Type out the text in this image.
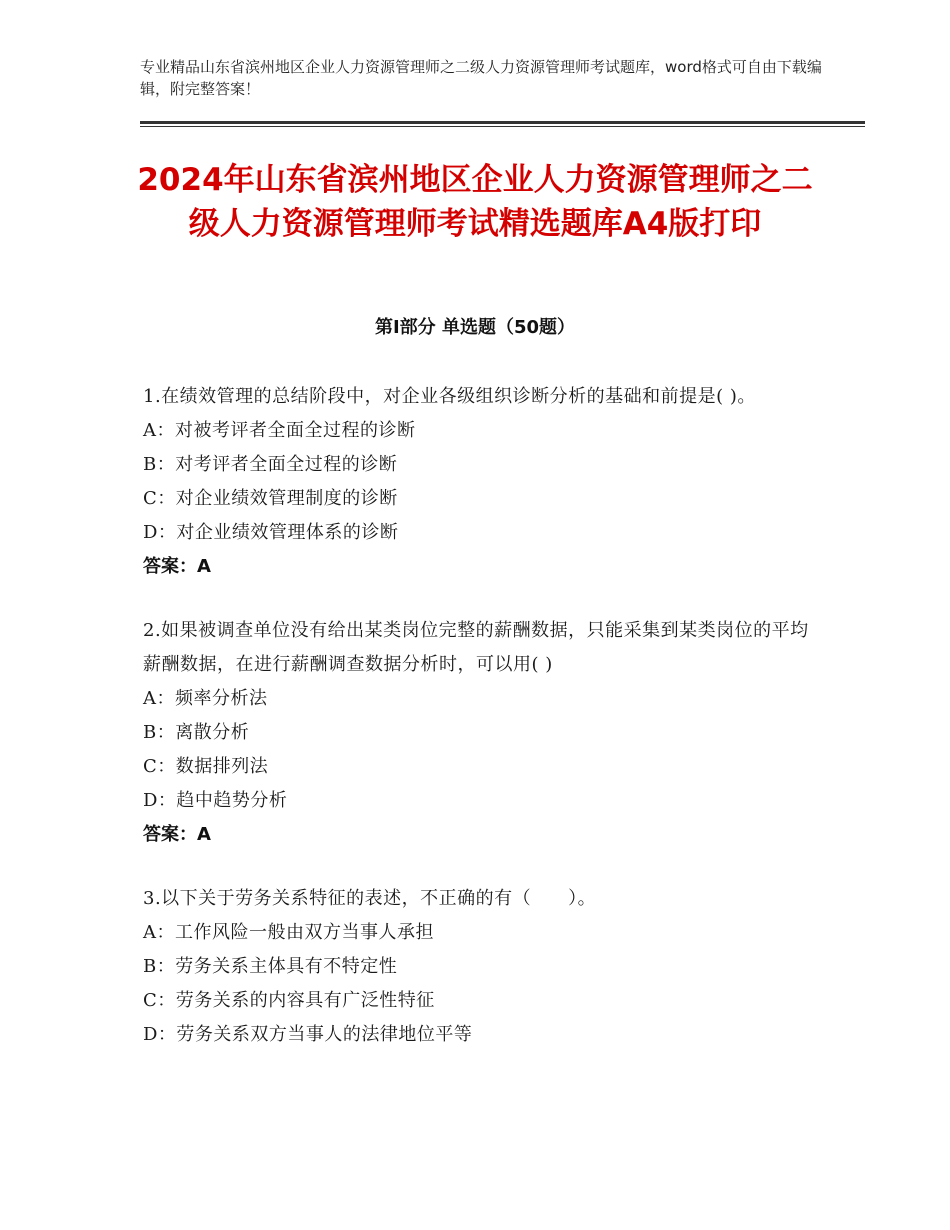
专业精品山东省滨州地区企业人力资源管理师之二级人力资源管理师考试题库，word格式可自由下载编辑，附完整答案！
2024年山东省滨州地区企业人力资源管理师之二级人力资源管理师考试精选题库A4版打印
第Ⅰ部分 单选题（50题）
1.在绩效管理的总结阶段中，对企业各级组织诊断分析的基础和前提是( )。
A：对被考评者全面全过程的诊断
B：对考评者全面全过程的诊断
C：对企业绩效管理制度的诊断
D：对企业绩效管理体系的诊断
答案：A
2.如果被调查单位没有给出某类岗位完整的薪酬数据，只能采集到某类岗位的平均薪酬数据，在进行薪酬调查数据分析时，可以用( )
A：频率分析法
B：离散分析
C：数据排列法
D：趋中趋势分析
答案：A
3.以下关于劳务关系特征的表述，不正确的有（　　）。
A：工作风险一般由双方当事人承担
B：劳务关系主体具有不特定性
C：劳务关系的内容具有广泛性特征
D：劳务关系双方当事人的法律地位平等
